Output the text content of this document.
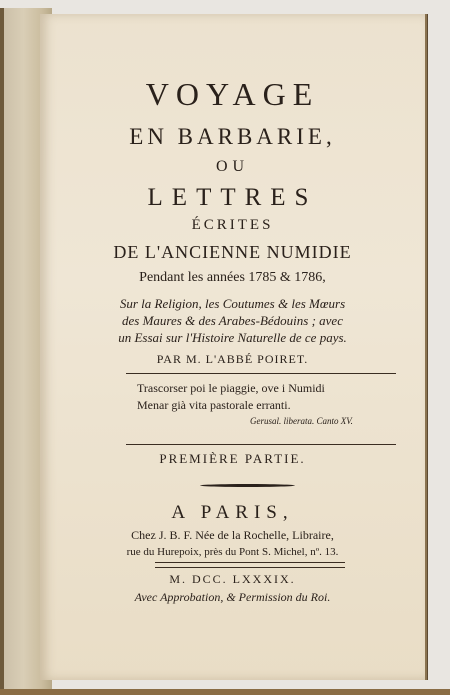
VOYAGE
EN BARBARIE,
OU
LETTRES
ÉCRITES
DE L'ANCIENNE NUMIDIE
Pendant les années 1785 & 1786,
Sur la Religion, les Coutumes & les Mœurs
des Maures & des Arabes-Bédouins ; avec
un Essai sur l'Histoire Naturelle de ce pays.
PAR M. L'ABBÉ POIRET.
Trascorser poi le piaggie, ove i Numidi
Menar già vita pastorale erranti.
Gerusal. liberata. Canto XV.
PREMIÈRE PARTIE.
A PARIS,
Chez J. B. F. Née de la Rochelle, Libraire,
rue du Hurepoix, près du Pont S. Michel, nº. 13.
M. DCC. LXXXIX.
Avec Approbation, & Permission du Roi.
